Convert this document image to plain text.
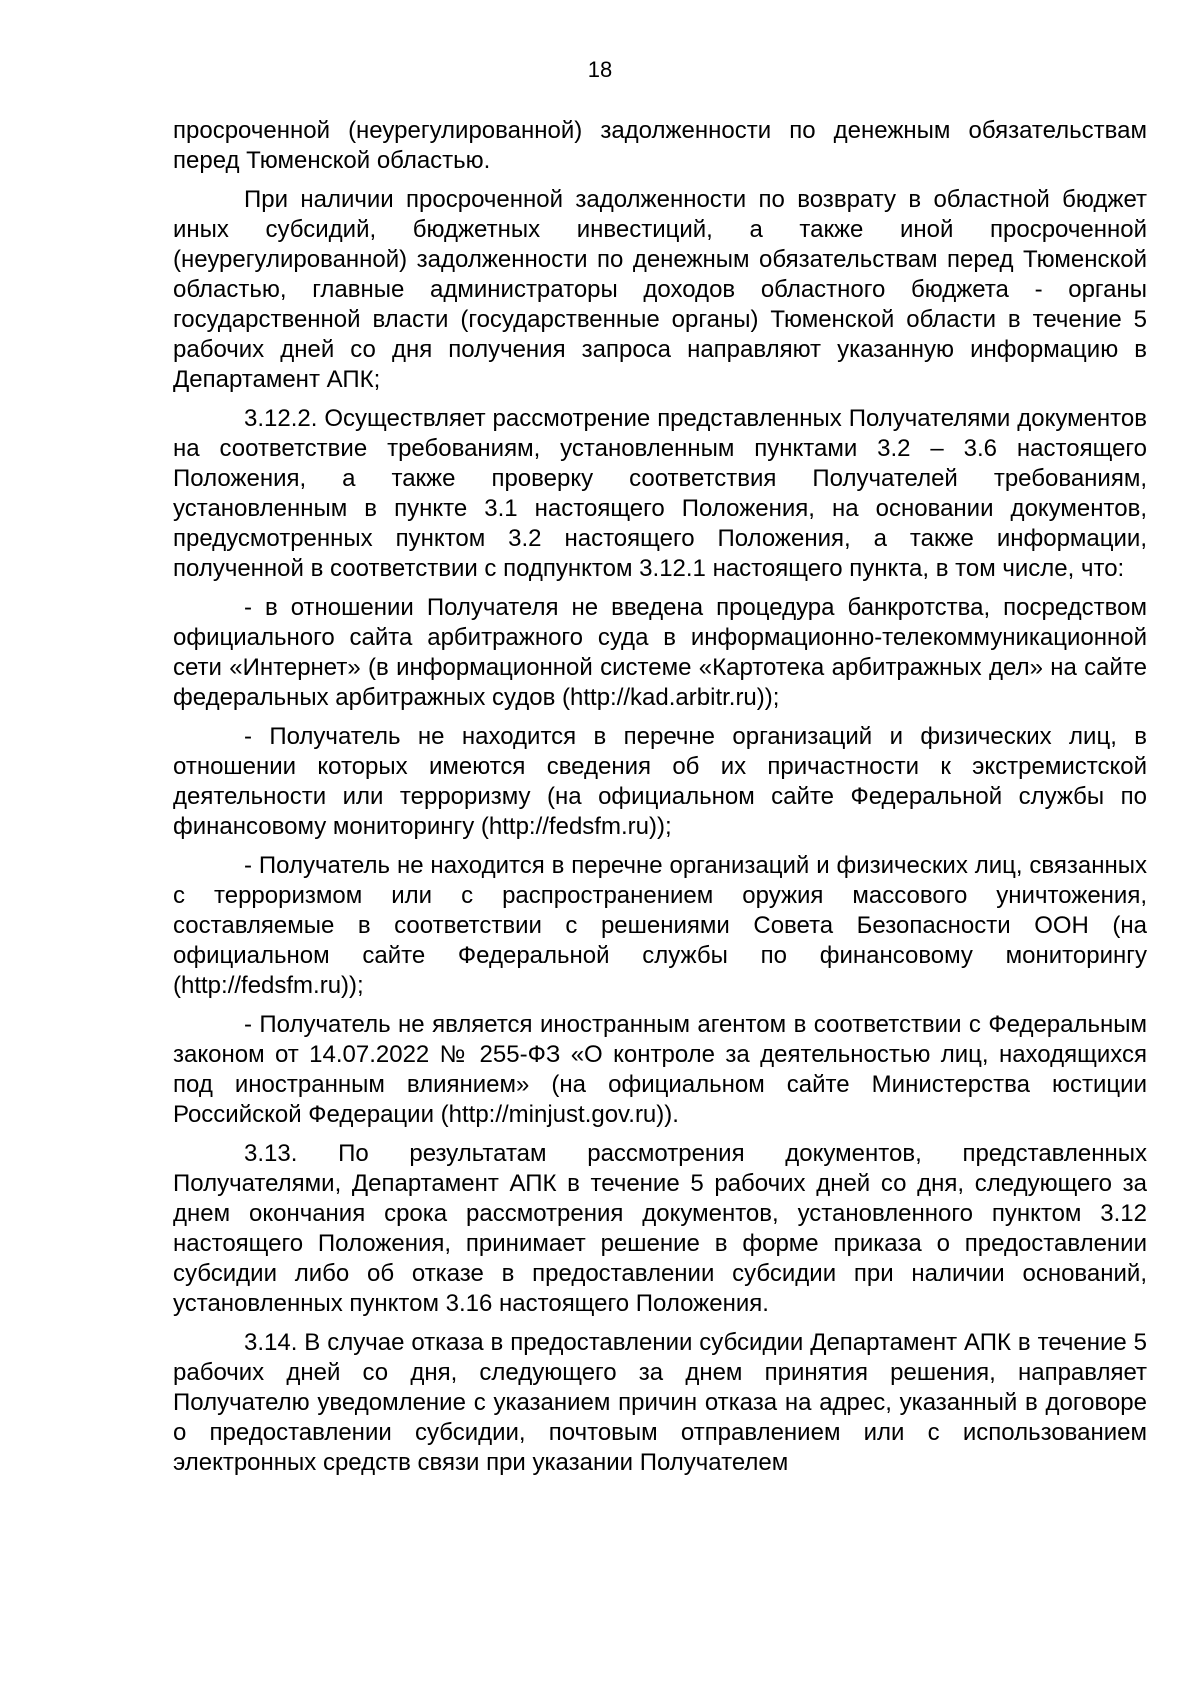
18

просроченной (неурегулированной) задолженности по денежным обязательствам перед Тюменской областью.

При наличии просроченной задолженности по возврату в областной бюджет иных субсидий, бюджетных инвестиций, а также иной просроченной (неурегулированной) задолженности по денежным обязательствам перед Тюменской областью, главные администраторы доходов областного бюджета - органы государственной власти (государственные органы) Тюменской области в течение 5 рабочих дней со дня получения запроса направляют указанную информацию в Департамент АПК;

3.12.2. Осуществляет рассмотрение представленных Получателями документов на соответствие требованиям, установленным пунктами 3.2 – 3.6 настоящего Положения, а также проверку соответствия Получателей требованиям, установленным в пункте 3.1 настоящего Положения, на основании документов, предусмотренных пунктом 3.2 настоящего Положения, а также информации, полученной в соответствии с подпунктом 3.12.1 настоящего пункта, в том числе, что:

- в отношении Получателя не введена процедура банкротства, посредством официального сайта арбитражного суда в информационно-телекоммуникационной сети «Интернет» (в информационной системе «Картотека арбитражных дел» на сайте федеральных арбитражных судов (http://kad.arbitr.ru));

- Получатель не находится в перечне организаций и физических лиц, в отношении которых имеются сведения об их причастности к экстремистской деятельности или терроризму (на официальном сайте Федеральной службы по финансовому мониторингу (http://fedsfm.ru));

- Получатель не находится в перечне организаций и физических лиц, связанных с терроризмом или с распространением оружия массового уничтожения, составляемые в соответствии с решениями Совета Безопасности ООН (на официальном сайте Федеральной службы по финансовому мониторингу (http://fedsfm.ru));

- Получатель не является иностранным агентом в соответствии с Федеральным законом от 14.07.2022 № 255-ФЗ «О контроле за деятельностью лиц, находящихся под иностранным влиянием» (на официальном сайте Министерства юстиции Российской Федерации (http://minjust.gov.ru)).

3.13. По результатам рассмотрения документов, представленных Получателями, Департамент АПК в течение 5 рабочих дней со дня, следующего за днем окончания срока рассмотрения документов, установленного пунктом 3.12 настоящего Положения, принимает решение в форме приказа о предоставлении субсидии либо об отказе в предоставлении субсидии при наличии оснований, установленных пунктом 3.16 настоящего Положения.

3.14. В случае отказа в предоставлении субсидии Департамент АПК в течение 5 рабочих дней со дня, следующего за днем принятия решения, направляет Получателю уведомление с указанием причин отказа на адрес, указанный в договоре о предоставлении субсидии, почтовым отправлением или с использованием электронных средств связи при указании Получателем
